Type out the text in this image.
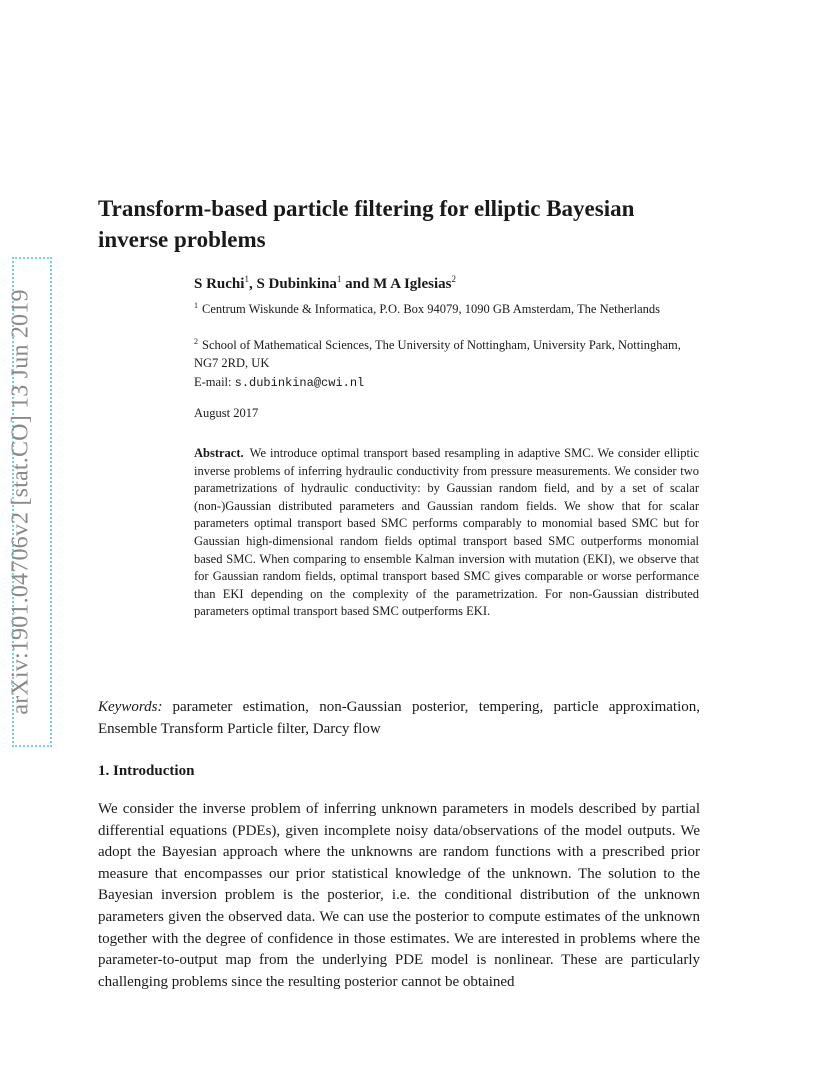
arXiv:1901.04706v2 [stat.CO] 13 Jun 2019
Transform-based particle filtering for elliptic Bayesian inverse problems
S Ruchi$^1$, S Dubinkina$^1$ and M A Iglesias$^2$
$^1$ Centrum Wiskunde & Informatica, P.O. Box 94079, 1090 GB Amsterdam, The Netherlands
$^2$ School of Mathematical Sciences, The University of Nottingham, University Park, Nottingham, NG7 2RD, UK
E-mail: s.dubinkina@cwi.nl
August 2017

Abstract. We introduce optimal transport based resampling in adaptive SMC. We consider elliptic inverse problems of inferring hydraulic conductivity from pressure measurements. We consider two parametrizations of hydraulic conductivity: by Gaussian random field, and by a set of scalar (non-)Gaussian distributed parameters and Gaussian random fields. We show that for scalar parameters optimal transport based SMC performs comparably to monomial based SMC but for Gaussian high-dimensional random fields optimal transport based SMC outperforms monomial based SMC. When comparing to ensemble Kalman inversion with mutation (EKI), we observe that for Gaussian random fields, optimal transport based SMC gives comparable or worse performance than EKI depending on the complexity of the parametrization. For non-Gaussian distributed parameters optimal transport based SMC outperforms EKI.

Keywords: parameter estimation, non-Gaussian posterior, tempering, particle approximation, Ensemble Transform Particle filter, Darcy flow

1. Introduction

We consider the inverse problem of inferring unknown parameters in models described by partial differential equations (PDEs), given incomplete noisy data/observations of the model outputs. We adopt the Bayesian approach where the unknowns are random functions with a prescribed prior measure that encompasses our prior statistical knowledge of the unknown. The solution to the Bayesian inversion problem is the posterior, i.e. the conditional distribution of the unknown parameters given the observed data. We can use the posterior to compute estimates of the unknown together with the degree of confidence in those estimates. We are interested in problems where the parameter-to-output map from the underlying PDE model is nonlinear. These are particularly challenging problems since the resulting posterior cannot be obtained
